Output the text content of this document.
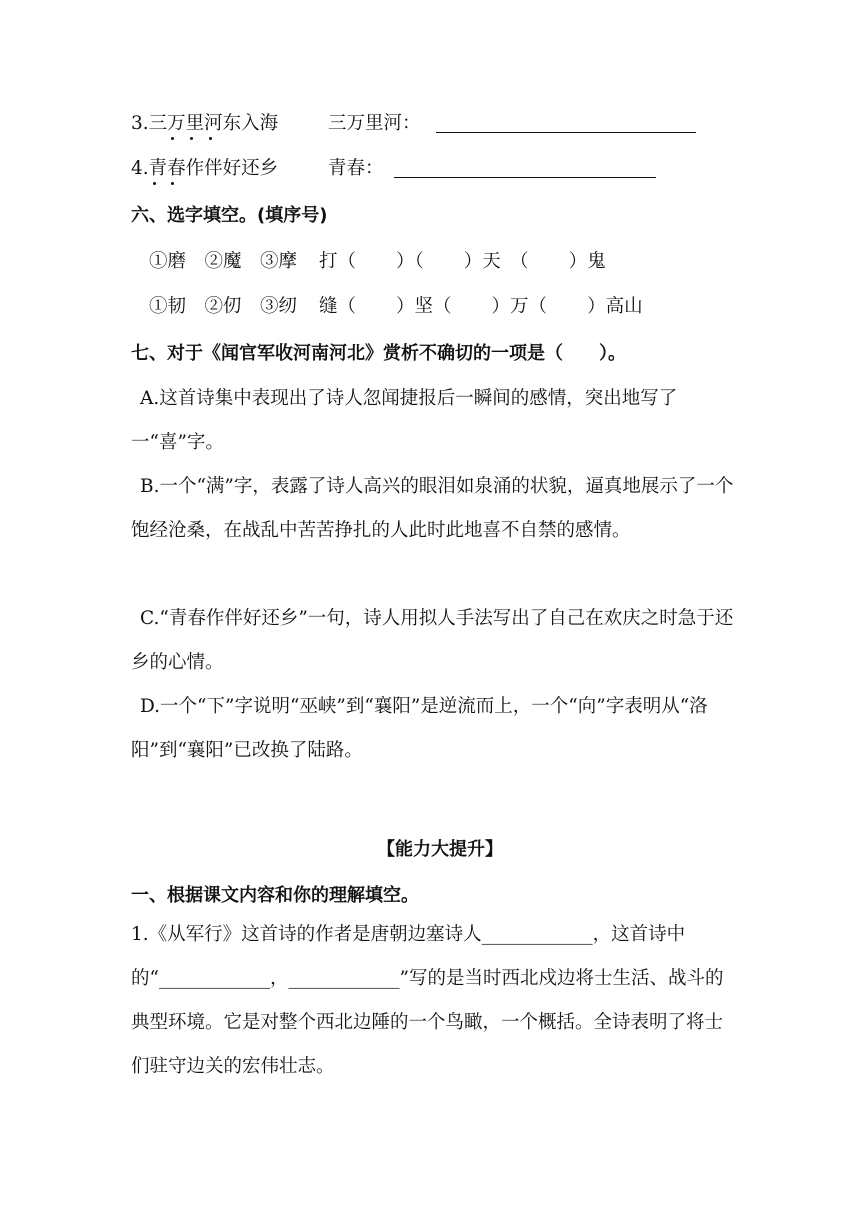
3.三万里河东入海	三万里河：
4.青春作伴好还乡	青春：
六、选字填空。(填序号)
①磨　②魔　③摩 打（ ）（ ）天　（ ）鬼
①韧　②仞　③纫 缝（ ）坚（ ）万（ ）高山
七、对于《闻官军收河南河北》赏析不确切的一项是（　　）。
A.这首诗集中表现出了诗人忽闻捷报后一瞬间的感情，突出地写了一“喜”字。
B.一个“满”字，表露了诗人高兴的眼泪如泉涌的状貌，逼真地展示了一个饱经沧桑，在战乱中苦苦挣扎的人此时此地喜不自禁的感情。
C.“青春作伴好还乡”一句，诗人用拟人手法写出了自己在欢庆之时急于还乡的心情。
D.一个“下”字说明“巫峡”到“襄阳”是逆流而上，一个“向”字表明从“洛阳”到“襄阳”已改换了陆路。
【能力大提升】
一、根据课文内容和你的理解填空。
1.《从军行》这首诗的作者是唐朝边塞诗人____________，这首诗中的“____________，____________”写的是当时西北戍边将士生活、战斗的典型环境。它是对整个西北边陲的一个鸟瞰，一个概括。全诗表明了将士们驻守边关的宏伟壮志。
